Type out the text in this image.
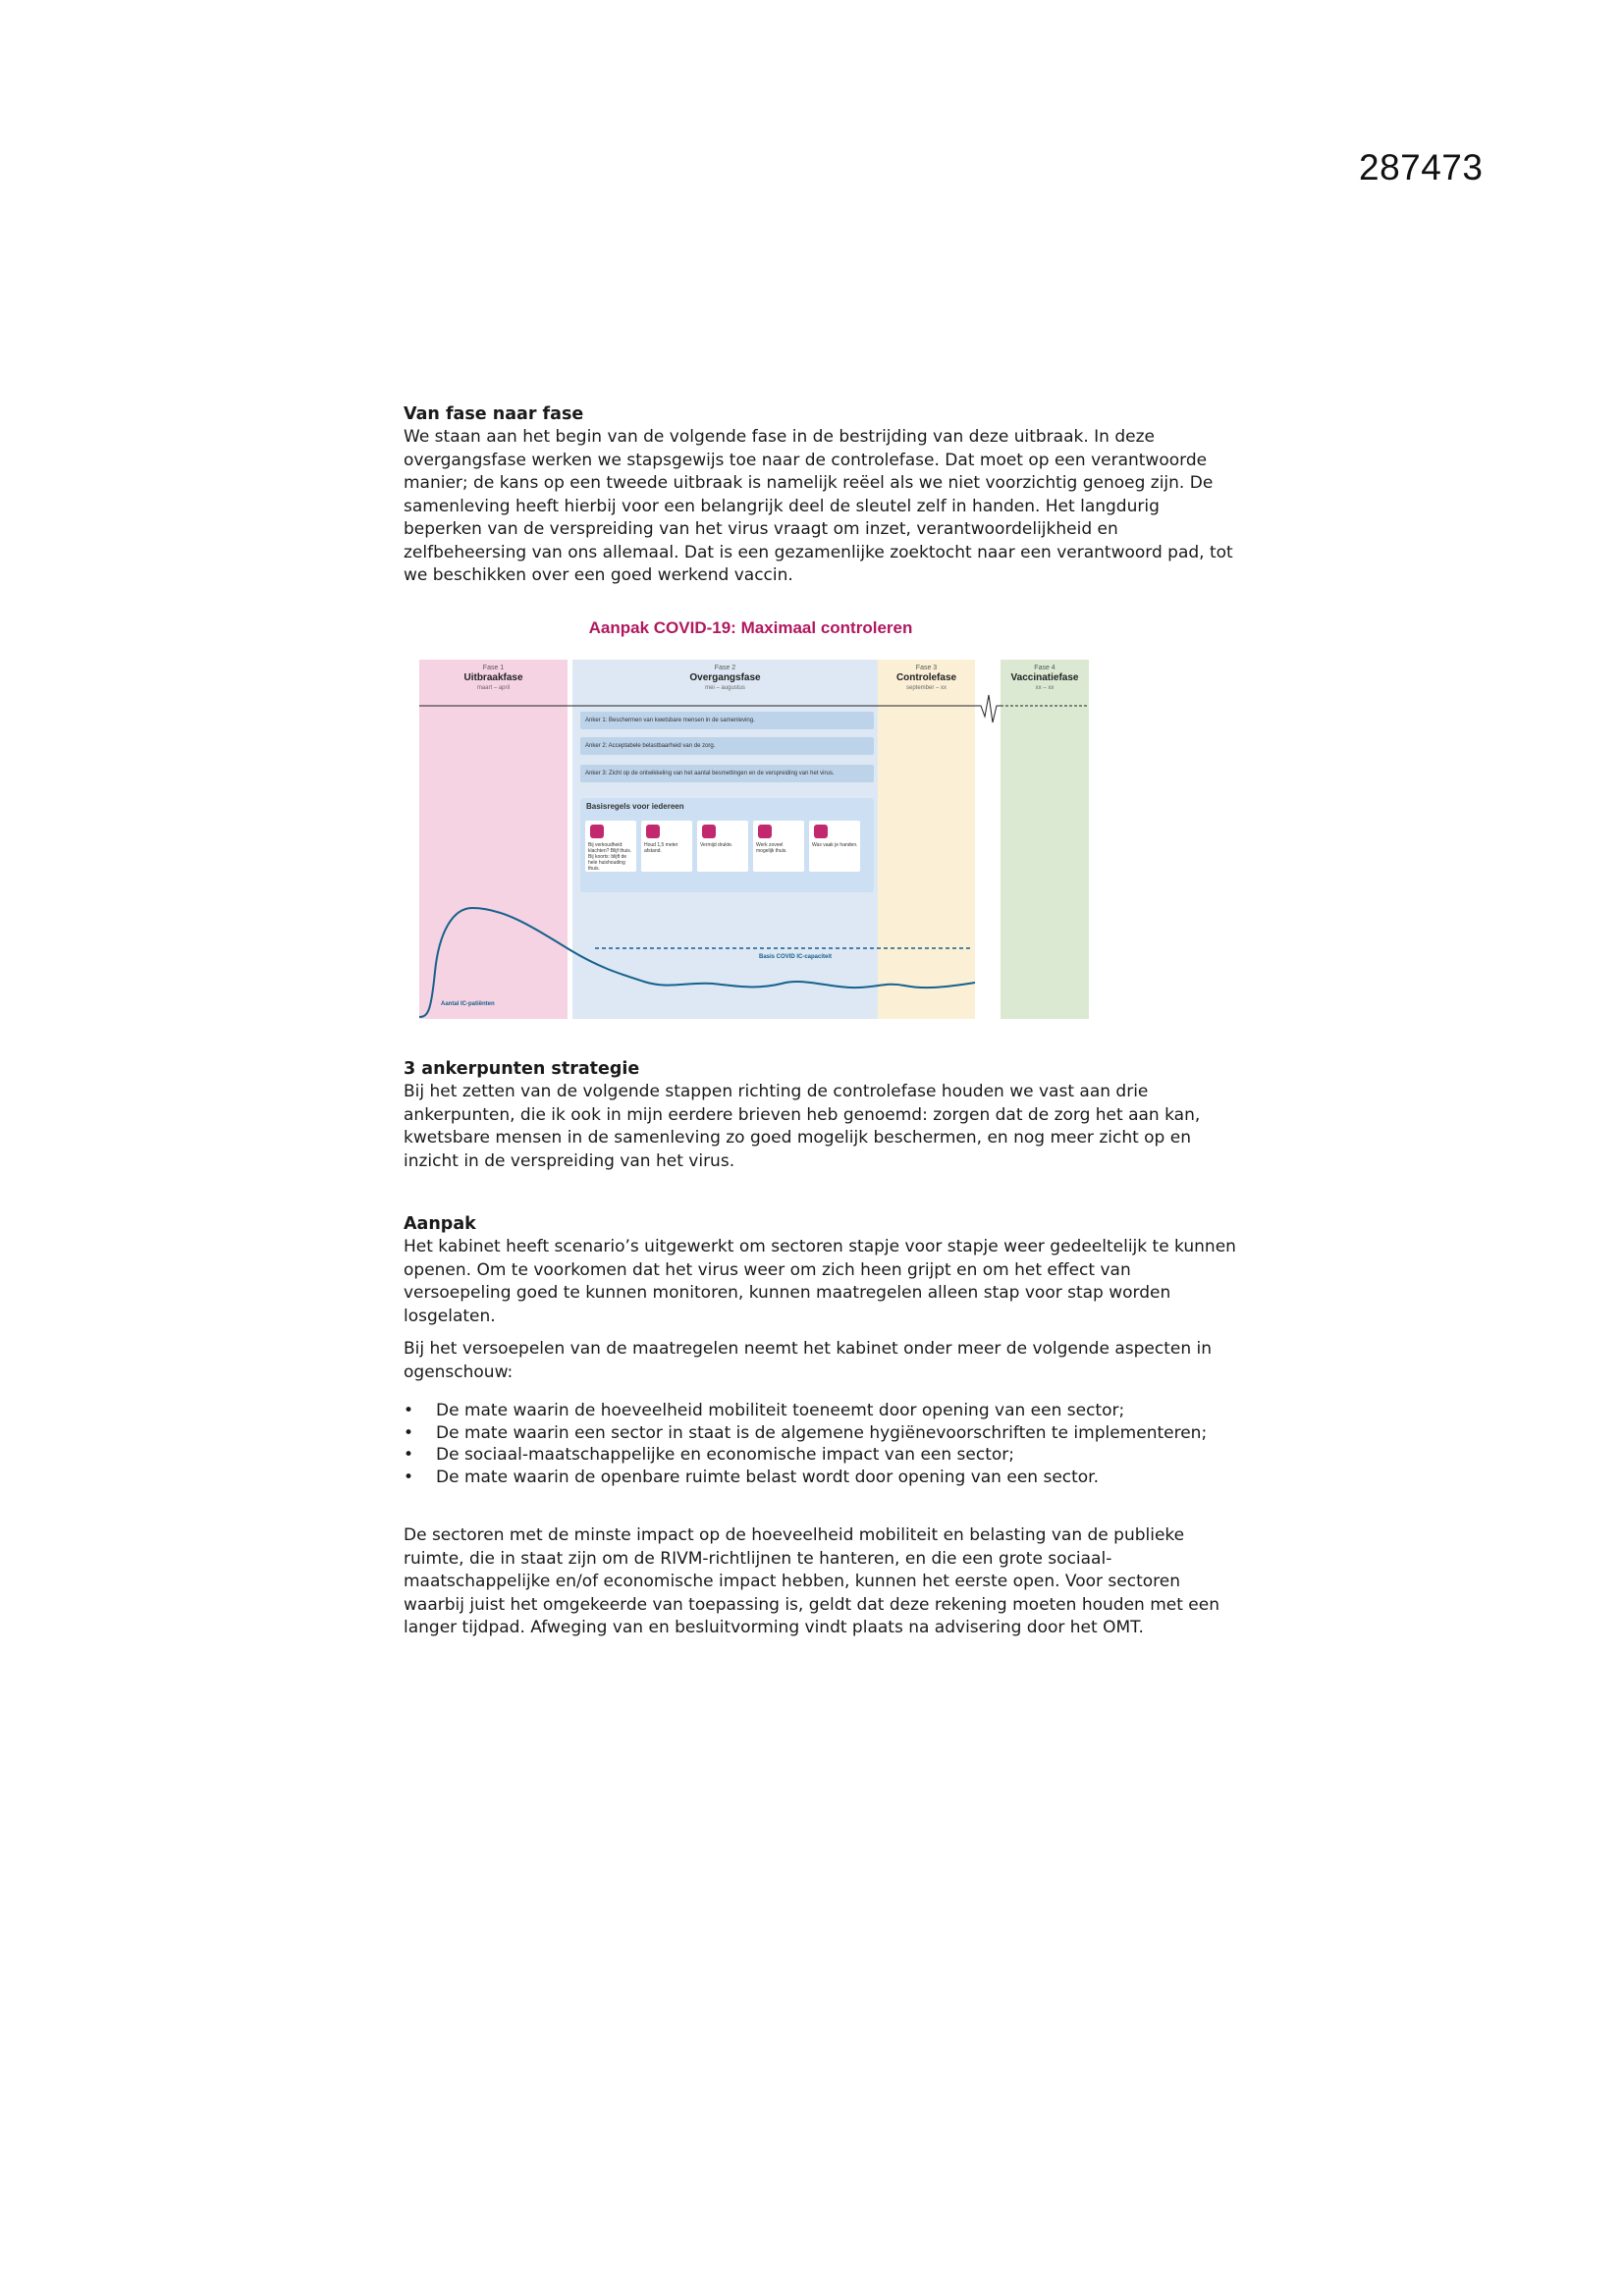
287473
Van fase naar fase
We staan aan het begin van de volgende fase in de bestrijding van deze uitbraak. In deze
overgangsfase werken we stapsgewijs toe naar de controlefase. Dat moet op een verantwoorde
manier; de kans op een tweede uitbraak is namelijk reëel als we niet voorzichtig genoeg zijn. De
samenleving heeft hierbij voor een belangrijk deel de sleutel zelf in handen. Het langdurig
beperken van de verspreiding van het virus vraagt om inzet, verantwoordelijkheid en
zelfbeheersing van ons allemaal. Dat is een gezamenlijke zoektocht naar een verantwoord pad, tot
we beschikken over een goed werkend vaccin.
Aanpak COVID-19: Maximaal controleren
Fase 1
Uitbraakfase
maart – april
Fase 2
Overgangsfase
mei – augustus
Fase 3
Controlefase
september – xx
Fase 4
Vaccinatiefase
xx – xx
Anker 1: Beschermen van kwetsbare mensen in de samenleving.
Anker 2: Acceptabele belastbaarheid van de zorg.
Anker 3: Zicht op de ontwikkeling van het aantal besmettingen en de verspreiding van het virus.
Basisregels voor iedereen
Bij verkoudheid: klachten? Blijf thuis. Bij koorts: blijft de hele huishouding thuis.
Houd 1,5 meter afstand.
Vermijd drukte.	Werk zoveel mogelijk thuis.
Was vaak je handen.
Basis COVID IC-capaciteit
Aantal IC-patiënten
3 ankerpunten strategie
Bij het zetten van de volgende stappen richting de controlefase houden we vast aan drie
ankerpunten, die ik ook in mijn eerdere brieven heb genoemd: zorgen dat de zorg het aan kan,
kwetsbare mensen in de samenleving zo goed mogelijk beschermen, en nog meer zicht op en
inzicht in de verspreiding van het virus.
Aanpak
Het kabinet heeft scenario’s uitgewerkt om sectoren stapje voor stapje weer gedeeltelijk te kunnen
openen. Om te voorkomen dat het virus weer om zich heen grijpt en om het effect van
versoepeling goed te kunnen monitoren, kunnen maatregelen alleen stap voor stap worden
losgelaten.
Bij het versoepelen van de maatregelen neemt het kabinet onder meer de volgende aspecten in
ogenschouw:
• De mate waarin de hoeveelheid mobiliteit toeneemt door opening van een sector;
• De mate waarin een sector in staat is de algemene hygiënevoorschriften te implementeren;
• De sociaal-maatschappelijke en economische impact van een sector;
• De mate waarin de openbare ruimte belast wordt door opening van een sector.
De sectoren met de minste impact op de hoeveelheid mobiliteit en belasting van de publieke
ruimte, die in staat zijn om de RIVM-richtlijnen te hanteren, en die een grote sociaal-
maatschappelijke en/of economische impact hebben, kunnen het eerste open. Voor sectoren
waarbij juist het omgekeerde van toepassing is, geldt dat deze rekening moeten houden met een
langer tijdpad. Afweging van en besluitvorming vindt plaats na advisering door het OMT.
